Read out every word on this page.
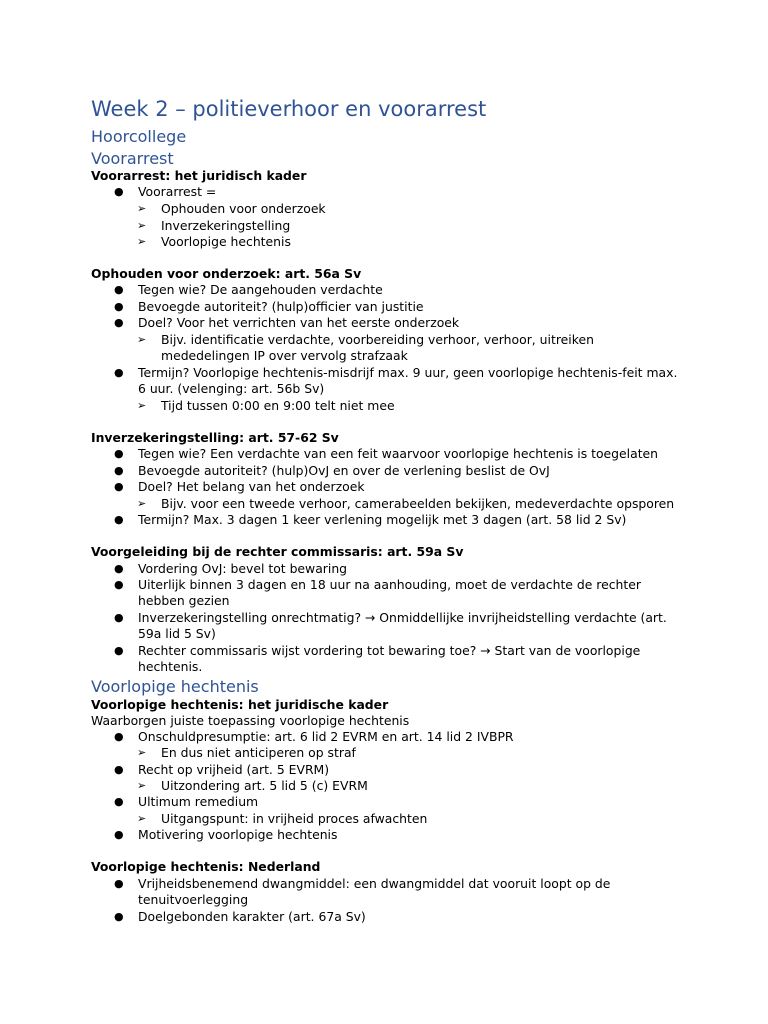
Week 2 – politieverhoor en voorarrest
Hoorcollege
Voorarrest
Voorarrest: het juridisch kader
● Voorarrest =
➢ Ophouden voor onderzoek
➢ Inverzekeringstelling
➢ Voorlopige hechtenis
Ophouden voor onderzoek: art. 56a Sv
● Tegen wie? De aangehouden verdachte
● Bevoegde autoriteit? (hulp)officier van justitie
● Doel? Voor het verrichten van het eerste onderzoek
➢ Bijv. identificatie verdachte, voorbereiding verhoor, verhoor, uitreiken mededelingen IP over vervolg strafzaak
● Termijn? Voorlopige hechtenis-misdrijf max. 9 uur, geen voorlopige hechtenis-feit max. 6 uur. (velenging: art. 56b Sv)
➢ Tijd tussen 0:00 en 9:00 telt niet mee
Inverzekeringstelling: art. 57-62 Sv
● Tegen wie? Een verdachte van een feit waarvoor voorlopige hechtenis is toegelaten
● Bevoegde autoriteit? (hulp)OvJ en over de verlening beslist de OvJ
● Doel? Het belang van het onderzoek
➢ Bijv. voor een tweede verhoor, camerabeelden bekijken, medeverdachte opsporen
● Termijn? Max. 3 dagen 1 keer verlening mogelijk met 3 dagen (art. 58 lid 2 Sv)
Voorgeleiding bij de rechter commissaris: art. 59a Sv
● Vordering OvJ: bevel tot bewaring
● Uiterlijk binnen 3 dagen en 18 uur na aanhouding, moet de verdachte de rechter hebben gezien
● Inverzekeringstelling onrechtmatig? → Onmiddellijke invrijheidstelling verdachte (art. 59a lid 5 Sv)
● Rechter commissaris wijst vordering tot bewaring toe? → Start van de voorlopige hechtenis.
Voorlopige hechtenis
Voorlopige hechtenis: het juridische kader
Waarborgen juiste toepassing voorlopige hechtenis
● Onschuldpresumptie: art. 6 lid 2 EVRM en art. 14 lid 2 IVBPR
➢ En dus niet anticiperen op straf
● Recht op vrijheid (art. 5 EVRM)
➢ Uitzondering art. 5 lid 5 (c) EVRM
● Ultimum remedium
➢ Uitgangspunt: in vrijheid proces afwachten
● Motivering voorlopige hechtenis
Voorlopige hechtenis: Nederland
● Vrijheidsbenemend dwangmiddel: een dwangmiddel dat vooruit loopt op de tenuitvoerlegging
● Doelgebonden karakter (art. 67a Sv)
